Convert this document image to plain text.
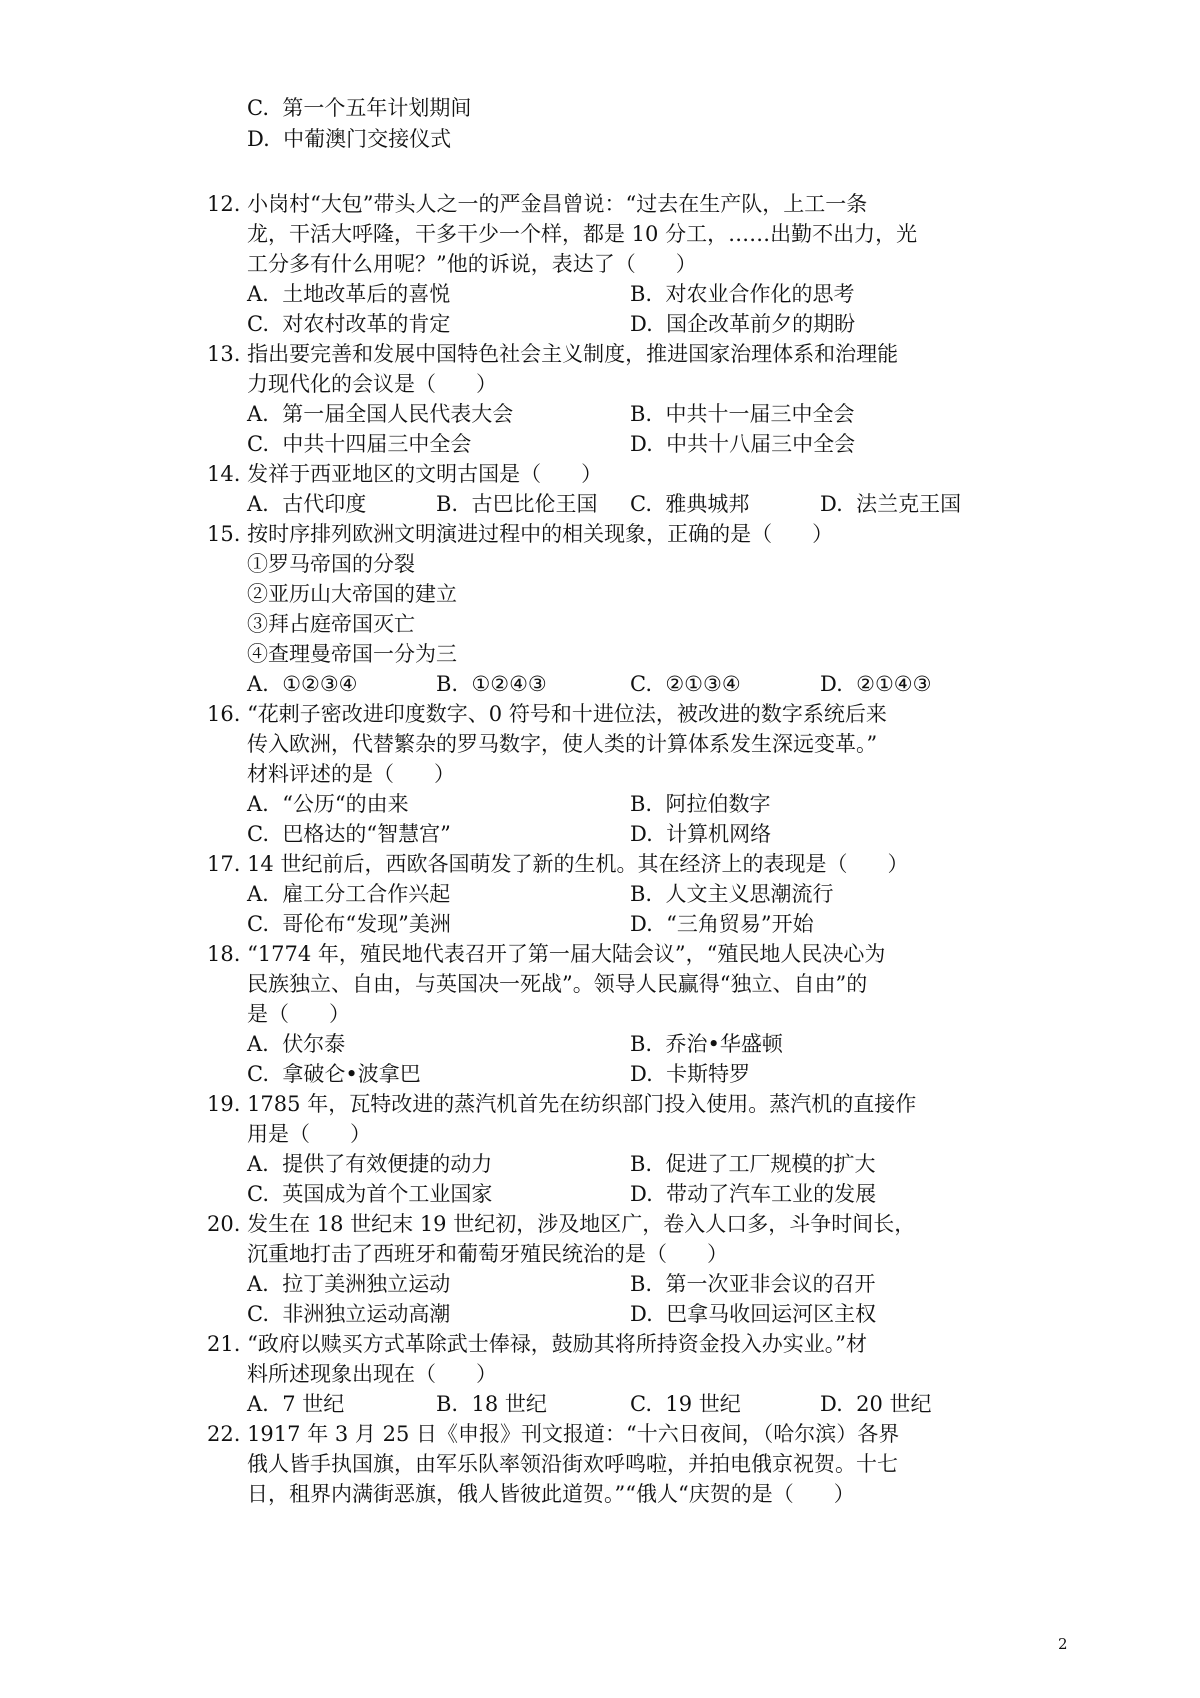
C.  第一个五年计划期间
D.  中葡澳门交接仪式
12. 小岗村“大包”带头人之一的严金昌曾说：“过去在生产队，上工一条
龙，干活大呼隆，干多干少一个样，都是 10 分工，……出勤不出力，光
工分多有什么用呢？”他的诉说，表达了（      ）
A.  土地改革后的喜悦	B.  对农业合作化的思考
C.  对农村改革的肯定	D.  国企改革前夕的期盼
13. 指出要完善和发展中国特色社会主义制度，推进国家治理体系和治理能
力现代化的会议是（      ）
A.  第一届全国人民代表大会	B.  中共十一届三中全会
C.  中共十四届三中全会	D.  中共十八届三中全会
14. 发祥于西亚地区的文明古国是（      ）
A.  古代印度	B.  古巴比伦王国 C.  雅典城邦	D.  法兰克王国
15. 按时序排列欧洲文明演进过程中的相关现象，正确的是（      ）
①罗马帝国的分裂
②亚历山大帝国的建立
③拜占庭帝国灭亡
④查理曼帝国一分为三
A.  ①②③④	B.  ①②④③	C.  ②①③④	D.  ②①④③
16. “花剌子密改进印度数字、0 符号和十进位法，被改进的数字系统后来
传入欧洲，代替繁杂的罗马数字，使人类的计算体系发生深远变革。”
材料评述的是（      ）
A.  “公历“的由来	B.  阿拉伯数字
C.  巴格达的“智慧宫”	D.  计算机网络
17. 14 世纪前后，西欧各国萌发了新的生机。其在经济上的表现是（      ）
A.  雇工分工合作兴起	B.  人文主义思潮流行
C.  哥伦布“发现”美洲	D.  “三角贸易”开始
18. “1774 年，殖民地代表召开了第一届大陆会议”，“殖民地人民决心为
民族独立、自由，与英国决一死战”。领导人民赢得“独立、自由”的
是（      ）
A.  伏尔泰	B.  乔治•华盛顿
C.  拿破仑•波拿巴	D.  卡斯特罗
19. 1785 年，瓦特改进的蒸汽机首先在纺织部门投入使用。蒸汽机的直接作
用是（      ）
A.  提供了有效便捷的动力	B.  促进了工厂规模的扩大
C.  英国成为首个工业国家	D.  带动了汽车工业的发展
20. 发生在 18 世纪末 19 世纪初，涉及地区广，卷入人口多，斗争时间长，
沉重地打击了西班牙和葡萄牙殖民统治的是（      ）
A.  拉丁美洲独立运动	B.  第一次亚非会议的召开
C.  非洲独立运动高潮	D.  巴拿马收回运河区主权
21. “政府以赎买方式革除武士俸禄，鼓励其将所持资金投入办实业。”材
料所述现象出现在（      ）
A.  7 世纪	B.  18 世纪	C.  19 世纪	D.  20 世纪
22. 1917 年 3 月 25 日《申报》刊文报道：“十六日夜间，（哈尔滨）各界
俄人皆手执国旗，由军乐队率领沿街欢呼鸣啦，并拍电俄京祝贺。十七
日，租界内满街恶旗，俄人皆彼此道贺。”“俄人“庆贺的是（      ）
2
